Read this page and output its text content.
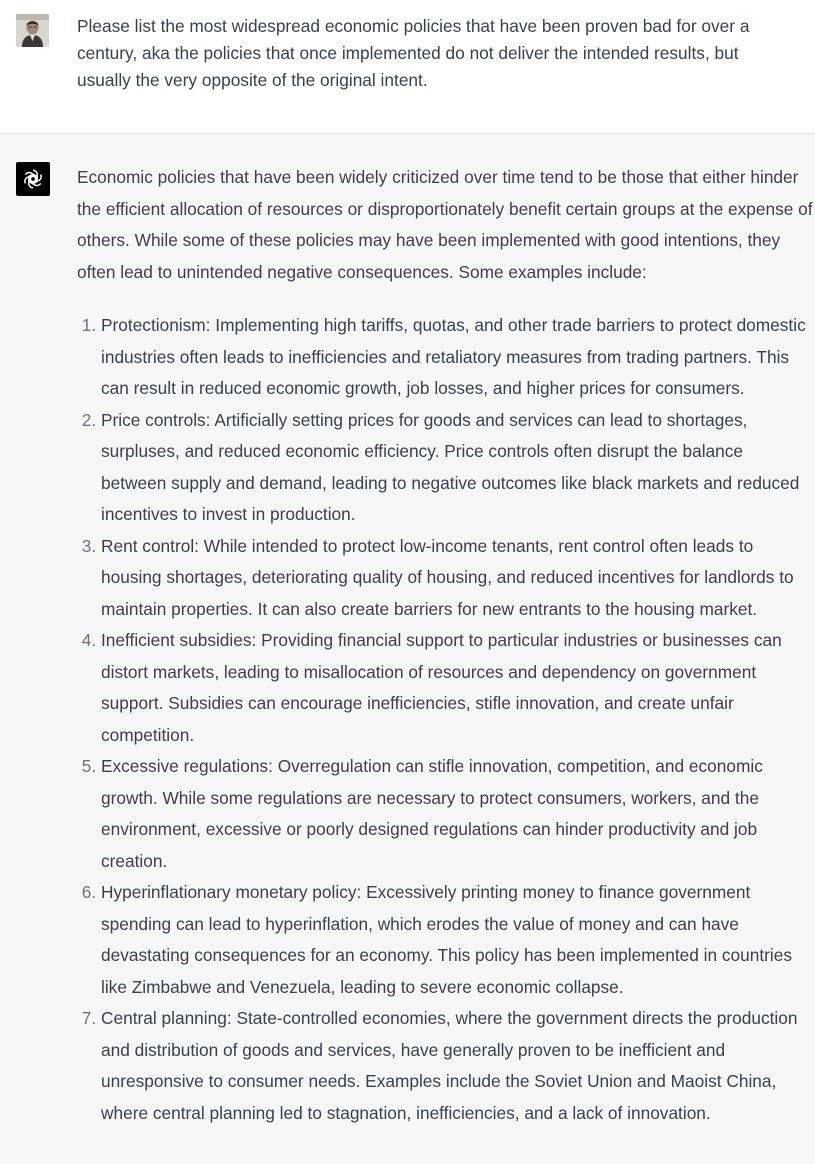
Please list the most widespread economic policies that have been proven bad for over a century, aka the policies that once implemented do not deliver the intended results, but usually the very opposite of the original intent.

Economic policies that have been widely criticized over time tend to be those that either hinder the efficient allocation of resources or disproportionately benefit certain groups at the expense of others. While some of these policies may have been implemented with good intentions, they often lead to unintended negative consequences. Some examples include:

1. Protectionism: Implementing high tariffs, quotas, and other trade barriers to protect domestic industries often leads to inefficiencies and retaliatory measures from trading partners. This can result in reduced economic growth, job losses, and higher prices for consumers.
2. Price controls: Artificially setting prices for goods and services can lead to shortages, surpluses, and reduced economic efficiency. Price controls often disrupt the balance between supply and demand, leading to negative outcomes like black markets and reduced incentives to invest in production.
3. Rent control: While intended to protect low-income tenants, rent control often leads to housing shortages, deteriorating quality of housing, and reduced incentives for landlords to maintain properties. It can also create barriers for new entrants to the housing market.
4. Inefficient subsidies: Providing financial support to particular industries or businesses can distort markets, leading to misallocation of resources and dependency on government support. Subsidies can encourage inefficiencies, stifle innovation, and create unfair competition.
5. Excessive regulations: Overregulation can stifle innovation, competition, and economic growth. While some regulations are necessary to protect consumers, workers, and the environment, excessive or poorly designed regulations can hinder productivity and job creation.
6. Hyperinflationary monetary policy: Excessively printing money to finance government spending can lead to hyperinflation, which erodes the value of money and can have devastating consequences for an economy. This policy has been implemented in countries like Zimbabwe and Venezuela, leading to severe economic collapse.
7. Central planning: State-controlled economies, where the government directs the production and distribution of goods and services, have generally proven to be inefficient and unresponsive to consumer needs. Examples include the Soviet Union and Maoist China, where central planning led to stagnation, inefficiencies, and a lack of innovation.
